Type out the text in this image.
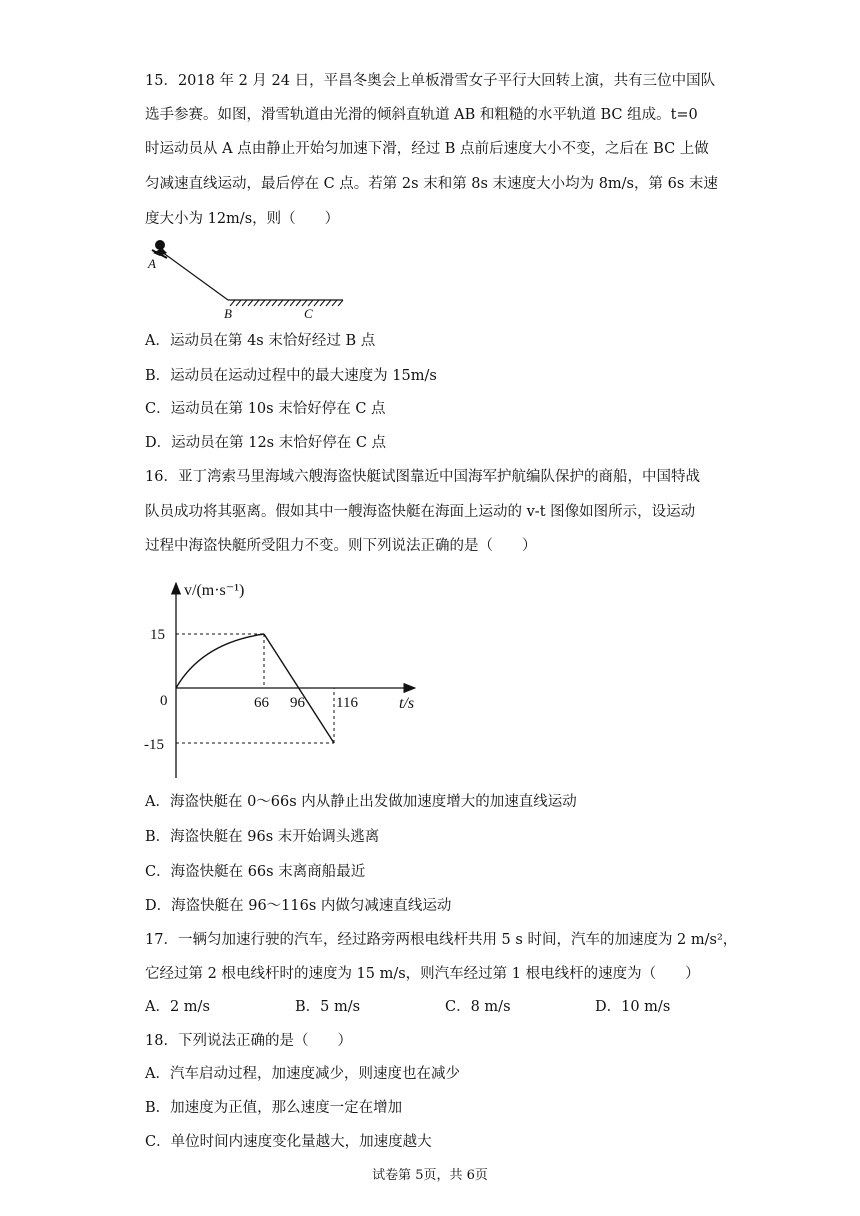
15．2018 年 2 月 24 日，平昌冬奥会上单板滑雪女子平行大回转上演，共有三位中国队
选手参赛。如图，滑雪轨道由光滑的倾斜直轨道 AB 和粗糙的水平轨道 BC 组成。t=0
时运动员从 A 点由静止开始匀加速下滑，经过 B 点前后速度大小不变，之后在 BC 上做
匀减速直线运动，最后停在 C 点。若第 2s 末和第 8s 末速度大小均为 8m/s，第 6s 末速
度大小为 12m/s，则（　　）
A
B	C
A．运动员在第 4s 末恰好经过 B 点
B．运动员在运动过程中的最大速度为 15m/s
C．运动员在第 10s 末恰好停在 C 点
D．运动员在第 12s 末恰好停在 C 点
16．亚丁湾索马里海域六艘海盗快艇试图靠近中国海军护航编队保护的商船，中国特战
队员成功将其驱离。假如其中一艘海盗快艇在海面上运动的 v-t 图像如图所示，设运动
过程中海盗快艇所受阻力不变。则下列说法正确的是（　　）
v/(m·s⁻¹)
t/s
0
15
-15
66 96 116
A．海盗快艇在 0～66s 内从静止出发做加速度增大的加速直线运动
B．海盗快艇在 96s 末开始调头逃离
C．海盗快艇在 66s 末离商船最近
D．海盗快艇在 96～116s 内做匀减速直线运动
17．一辆匀加速行驶的汽车，经过路旁两根电线杆共用 5 s 时间，汽车的加速度为 2 m/s²，
它经过第 2 根电线杆时的速度为 15 m/s，则汽车经过第 1 根电线杆的速度为（　　）
A．2 m/s	B．5 m/s	C．8 m/s	D．10 m/s
18．下列说法正确的是（　　）
A．汽车启动过程，加速度减少，则速度也在减少
B．加速度为正值，那么速度一定在增加
C．单位时间内速度变化量越大，加速度越大
试卷第 5页，共 6页
